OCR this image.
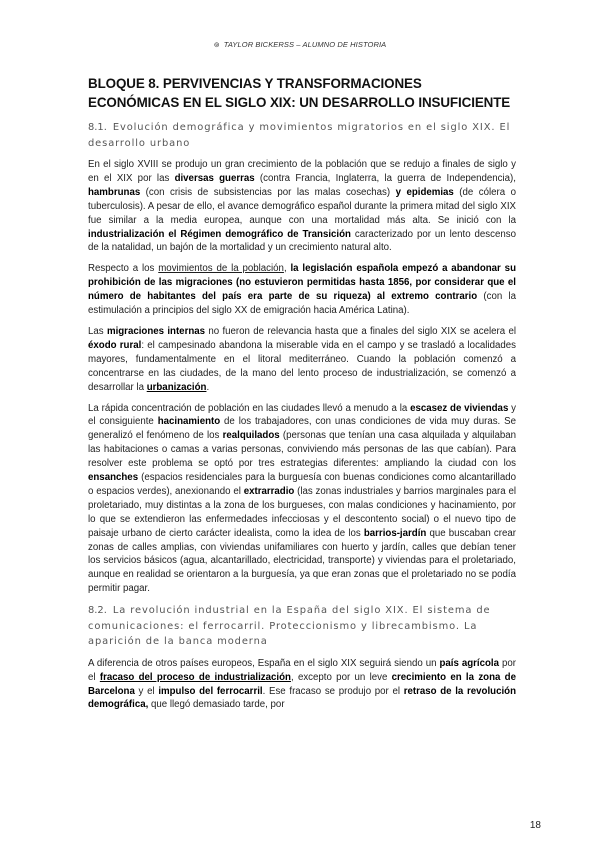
⊚ TAYLOR BICKERSS – ALUMNO DE HISTORIA
BLOQUE 8. PERVIVENCIAS Y TRANSFORMACIONES ECONÓMICAS EN EL SIGLO XIX: UN DESARROLLO INSUFICIENTE
8.1. Evolución demográfica y movimientos migratorios en el siglo XIX. El desarrollo urbano

En el siglo XVIII se produjo un gran crecimiento de la población que se redujo a finales de siglo y en el XIX por las diversas guerras (contra Francia, Inglaterra, la guerra de Independencia), hambrunas (con crisis de subsistencias por las malas cosechas) y epidemias (de cólera o tuberculosis). A pesar de ello, el avance demográfico español durante la primera mitad del siglo XIX fue similar a la media europea, aunque con una mortalidad más alta. Se inició con la industrialización el Régimen demográfico de Transición caracterizado por un lento descenso de la natalidad, un bajón de la mortalidad y un crecimiento natural alto.

Respecto a los movimientos de la población, la legislación española empezó a abandonar su prohibición de las migraciones (no estuvieron permitidas hasta 1856, por considerar que el número de habitantes del país era parte de su riqueza) al extremo contrario (con la estimulación a principios del siglo XX de emigración hacia América Latina).

Las migraciones internas no fueron de relevancia hasta que a finales del siglo XIX se acelera el éxodo rural: el campesinado abandona la miserable vida en el campo y se trasladó a localidades mayores, fundamentalmente en el litoral mediterráneo. Cuando la población comenzó a concentrarse en las ciudades, de la mano del lento proceso de industrialización, se comenzó a desarrollar la urbanización.

La rápida concentración de población en las ciudades llevó a menudo a la escasez de viviendas y el consiguiente hacinamiento de los trabajadores, con unas condiciones de vida muy duras. Se generalizó el fenómeno de los realquilados (personas que tenían una casa alquilada y alquilaban las habitaciones o camas a varias personas, conviviendo más personas de las que cabían). Para resolver este problema se optó por tres estrategias diferentes: ampliando la ciudad con los ensanches (espacios residenciales para la burguesía con buenas condiciones como alcantarillado o espacios verdes), anexionando el extrarradio (las zonas industriales y barrios marginales para el proletariado, muy distintas a la zona de los burgueses, con malas condiciones y hacinamiento, por lo que se extendieron las enfermedades infecciosas y el descontento social) o el nuevo tipo de paisaje urbano de cierto carácter idealista, como la idea de los barrios-jardín que buscaban crear zonas de calles amplias, con viviendas unifamiliares con huerto y jardín, calles que debían tener los servicios básicos (agua, alcantarillado, electricidad, transporte) y viviendas para el proletariado, aunque en realidad se orientaron a la burguesía, ya que eran zonas que el proletariado no se podía permitir pagar.

8.2. La revolución industrial en la España del siglo XIX. El sistema de comunicaciones: el ferrocarril. Proteccionismo y librecambismo. La aparición de la banca moderna

A diferencia de otros países europeos, España en el siglo XIX seguirá siendo un país agrícola por el fracaso del proceso de industrialización, excepto por un leve crecimiento en la zona de Barcelona y el impulso del ferrocarril. Ese fracaso se produjo por el retraso de la revolución demográfica, que llegó demasiado tarde, por

18
